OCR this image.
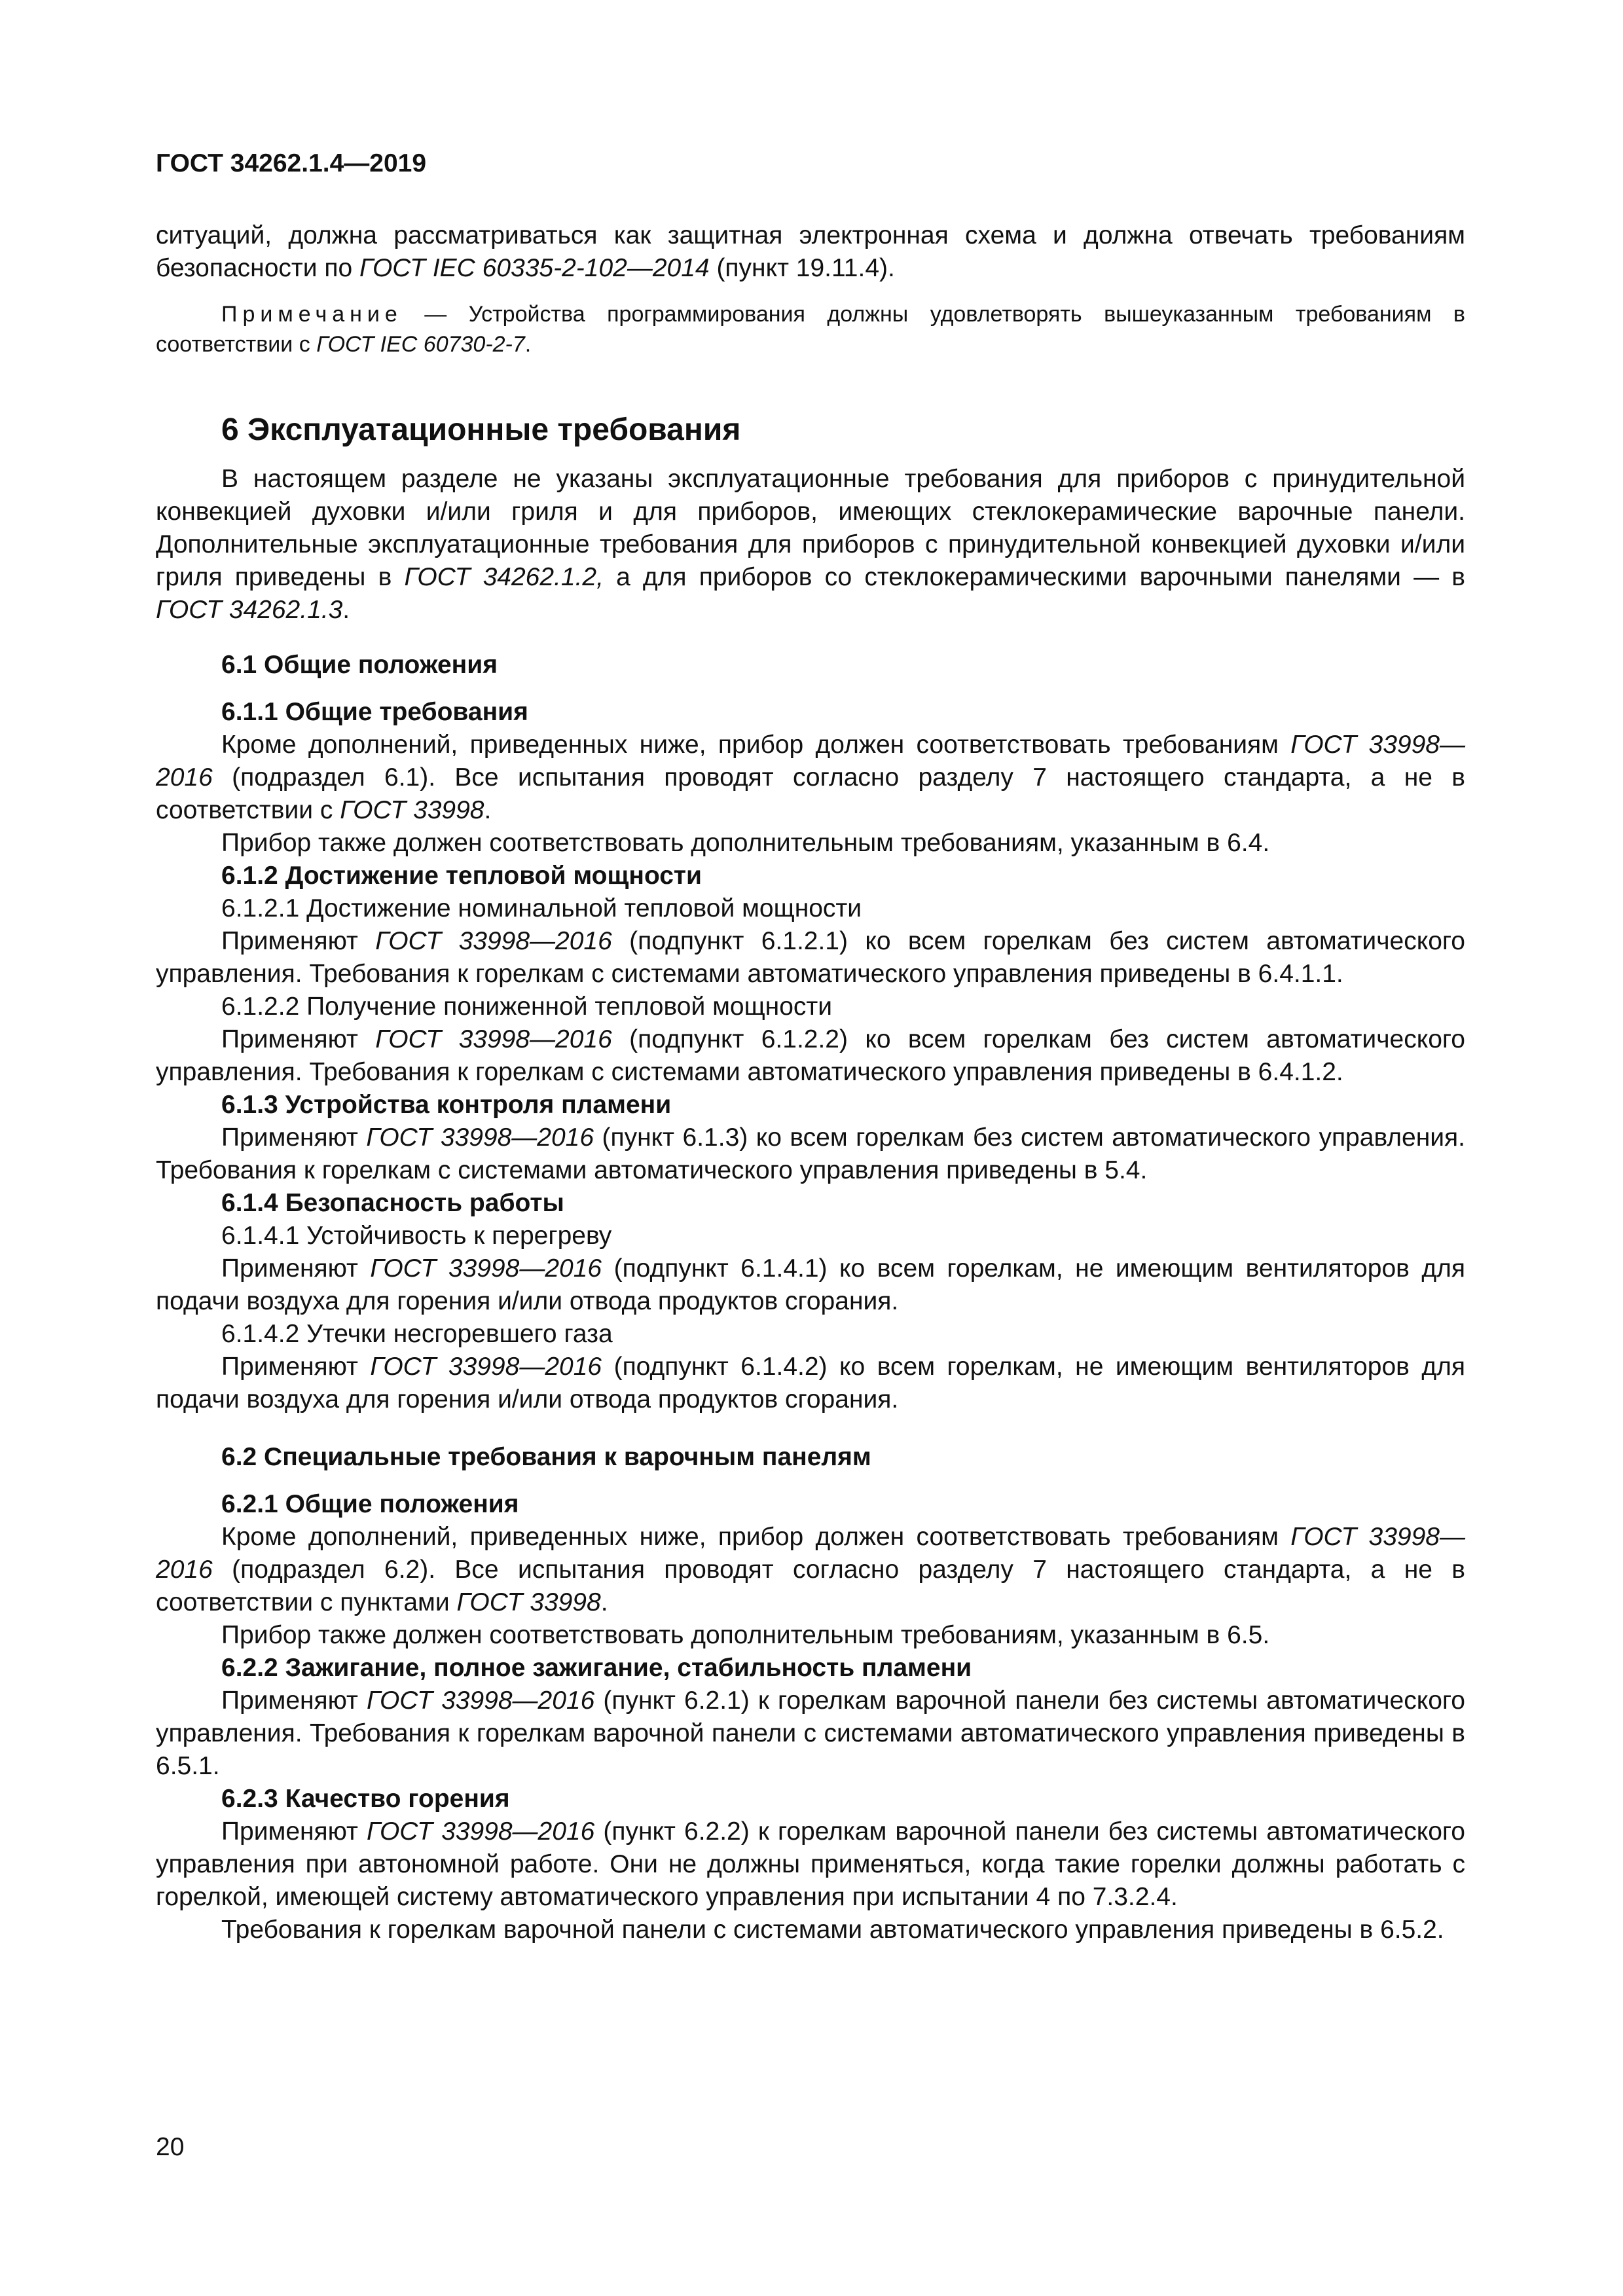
ГОСТ 34262.1.4—2019

ситуаций, должна рассматриваться как защитная электронная схема и должна отвечать требованиям безопасности по ГОСТ IEC 60335-2-102—2014 (пункт 19.11.4).

Примечание — Устройства программирования должны удовлетворять вышеуказанным требованиям в соответствии с ГОСТ IEC 60730-2-7.

6 Эксплуатационные требования

В настоящем разделе не указаны эксплуатационные требования для приборов с принудительной конвекцией духовки и/или гриля и для приборов, имеющих стеклокерамические варочные панели. Дополнительные эксплуатационные требования для приборов с принудительной конвекцией духовки и/или гриля приведены в ГОСТ 34262.1.2, а для приборов со стеклокерамическими варочными панелями — в ГОСТ 34262.1.3.

6.1 Общие положения

6.1.1 Общие требования

Кроме дополнений, приведенных ниже, прибор должен соответствовать требованиям ГОСТ 33998—2016 (подраздел 6.1). Все испытания проводят согласно разделу 7 настоящего стандарта, а не в соответствии с ГОСТ 33998.

Прибор также должен соответствовать дополнительным требованиям, указанным в 6.4.

6.1.2 Достижение тепловой мощности

6.1.2.1 Достижение номинальной тепловой мощности

Применяют ГОСТ 33998—2016 (подпункт 6.1.2.1) ко всем горелкам без систем автоматического управления. Требования к горелкам с системами автоматического управления приведены в 6.4.1.1.

6.1.2.2 Получение пониженной тепловой мощности

Применяют ГОСТ 33998—2016 (подпункт 6.1.2.2) ко всем горелкам без систем автоматического управления. Требования к горелкам с системами автоматического управления приведены в 6.4.1.2.

6.1.3 Устройства контроля пламени

Применяют ГОСТ 33998—2016 (пункт 6.1.3) ко всем горелкам без систем автоматического управления. Требования к горелкам с системами автоматического управления приведены в 5.4.

6.1.4 Безопасность работы

6.1.4.1 Устойчивость к перегреву

Применяют ГОСТ 33998—2016 (подпункт 6.1.4.1) ко всем горелкам, не имеющим вентиляторов для подачи воздуха для горения и/или отвода продуктов сгорания.

6.1.4.2 Утечки несгоревшего газа

Применяют ГОСТ 33998—2016 (подпункт 6.1.4.2) ко всем горелкам, не имеющим вентиляторов для подачи воздуха для горения и/или отвода продуктов сгорания.

6.2 Специальные требования к варочным панелям

6.2.1 Общие положения

Кроме дополнений, приведенных ниже, прибор должен соответствовать требованиям ГОСТ 33998—2016 (подраздел 6.2). Все испытания проводят согласно разделу 7 настоящего стандарта, а не в соответствии с пунктами ГОСТ 33998.

Прибор также должен соответствовать дополнительным требованиям, указанным в 6.5.

6.2.2 Зажигание, полное зажигание, стабильность пламени

Применяют ГОСТ 33998—2016 (пункт 6.2.1) к горелкам варочной панели без системы автоматического управления. Требования к горелкам варочной панели с системами автоматического управления приведены в 6.5.1.

6.2.3 Качество горения

Применяют ГОСТ 33998—2016 (пункт 6.2.2) к горелкам варочной панели без системы автоматического управления при автономной работе. Они не должны применяться, когда такие горелки должны работать с горелкой, имеющей систему автоматического управления при испытании 4 по 7.3.2.4.

Требования к горелкам варочной панели с системами автоматического управления приведены в 6.5.2.

20
